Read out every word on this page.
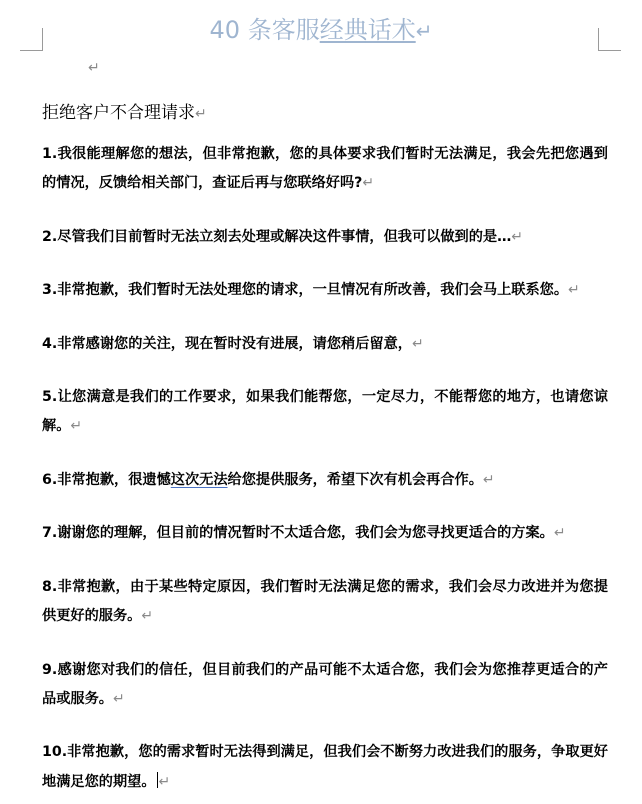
40 条客服经典话术↵
↵
拒绝客户不合理请求↵

1.我很能理解您的想法，但非常抱歉，您的具体要求我们暂时无法满足，我会先把您遇到的情况，反馈给相关部门，查证后再与您联络好吗?↵

2.尽管我们目前暂时无法立刻去处理或解决这件事情，但我可以做到的是…↵

3.非常抱歉，我们暂时无法处理您的请求，一旦情况有所改善，我们会马上联系您。↵

4.非常感谢您的关注，现在暂时没有进展，请您稍后留意，↵

5.让您满意是我们的工作要求，如果我们能帮您，一定尽力，不能帮您的地方，也请您谅解。↵

6.非常抱歉，很遗憾这次无法给您提供服务，希望下次有机会再合作。↵

7.谢谢您的理解，但目前的情况暂时不太适合您，我们会为您寻找更适合的方案。↵

8.非常抱歉，由于某些特定原因，我们暂时无法满足您的需求，我们会尽力改进并为您提供更好的服务。↵

9.感谢您对我们的信任，但目前我们的产品可能不太适合您，我们会为您推荐更适合的产品或服务。↵

10.非常抱歉，您的需求暂时无法得到满足，但我们会不断努力改进我们的服务，争取更好地满足您的期望。 ↵
